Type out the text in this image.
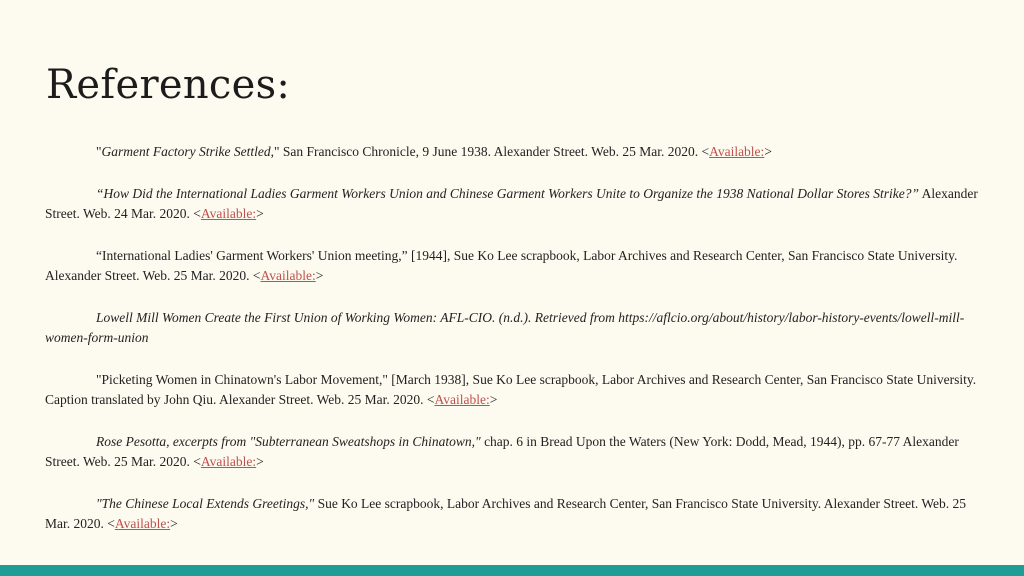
References:

"Garment Factory Strike Settled," San Francisco Chronicle, 9 June 1938. Alexander Street. Web. 25 Mar. 2020. <Available:>

“How Did the International Ladies Garment Workers Union and Chinese Garment Workers Unite to Organize the 1938 National Dollar Stores Strike?” Alexander Street. Web. 24 Mar. 2020. <Available:>

“International Ladies' Garment Workers' Union meeting,” [1944], Sue Ko Lee scrapbook, Labor Archives and Research Center, San Francisco State University. Alexander Street. Web. 25 Mar. 2020. <Available:>

Lowell Mill Women Create the First Union of Working Women: AFL-CIO. (n.d.). Retrieved from https://aflcio.org/about/history/labor-history-events/lowell-mill-women-form-union

"Picketing Women in Chinatown's Labor Movement," [March 1938], Sue Ko Lee scrapbook, Labor Archives and Research Center, San Francisco State University. Caption translated by John Qiu. Alexander Street. Web. 25 Mar. 2020. <Available:>

Rose Pesotta, excerpts from "Subterranean Sweatshops in Chinatown," chap. 6 in Bread Upon the Waters (New York: Dodd, Mead, 1944), pp. 67-77 Alexander Street. Web. 25 Mar. 2020. <Available:>

"The Chinese Local Extends Greetings," Sue Ko Lee scrapbook, Labor Archives and Research Center, San Francisco State University. Alexander Street. Web. 25 Mar. 2020. <Available:>
